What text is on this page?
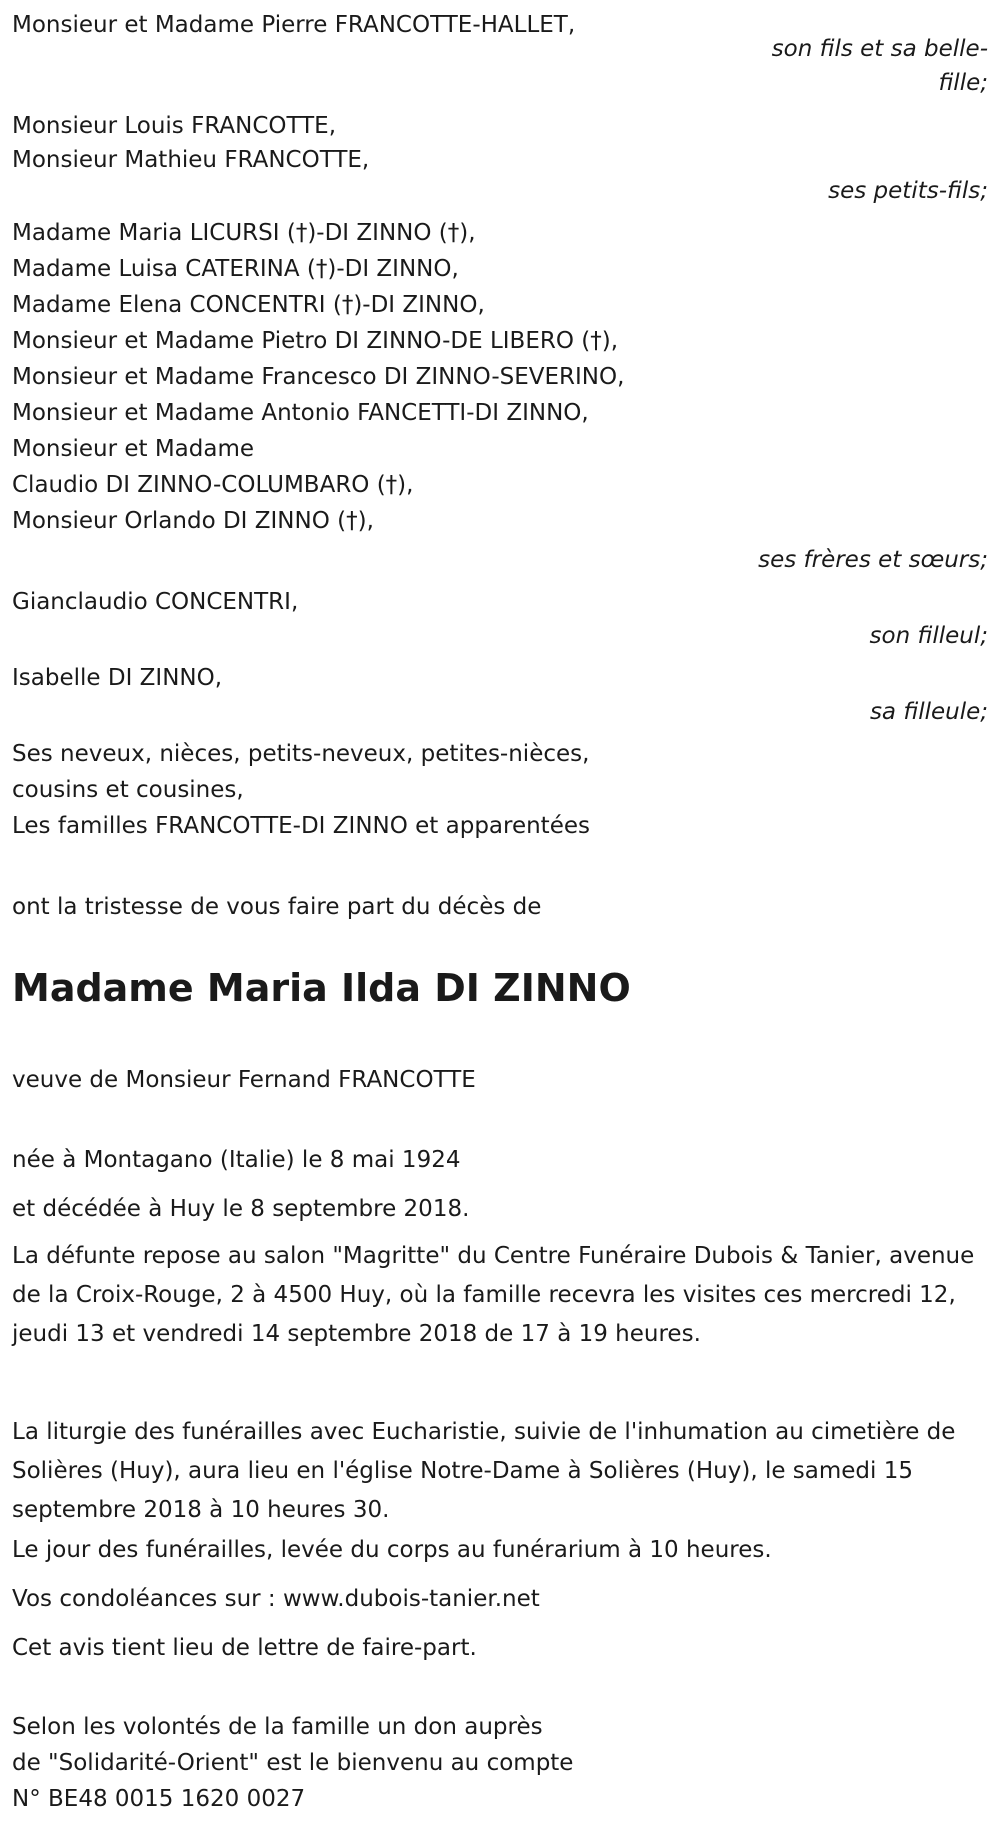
Monsieur et Madame Pierre FRANCOTTE-HALLET,
son fils et sa belle-
fille;
Monsieur Louis FRANCOTTE,
Monsieur Mathieu FRANCOTTE,
ses petits-fils;
Madame Maria LICURSI (†)-DI ZINNO (†),
Madame Luisa CATERINA (†)-DI ZINNO,
Madame Elena CONCENTRI (†)-DI ZINNO,
Monsieur et Madame Pietro DI ZINNO-DE LIBERO (†),
Monsieur et Madame Francesco DI ZINNO-SEVERINO,
Monsieur et Madame Antonio FANCETTI-DI ZINNO,
Monsieur et Madame
Claudio DI ZINNO-COLUMBARO (†),
Monsieur Orlando DI ZINNO (†),
ses frères et sœurs;
Gianclaudio CONCENTRI,
son filleul;
Isabelle DI ZINNO,
sa filleule;
Ses neveux, nièces, petits-neveux, petites-nièces,
cousins et cousines,
Les familles FRANCOTTE-DI ZINNO et apparentées
ont la tristesse de vous faire part du décès de
Madame Maria Ilda DI ZINNO
veuve de Monsieur Fernand FRANCOTTE
née à Montagano (Italie) le 8 mai 1924
et décédée à Huy le 8 septembre 2018.
La défunte repose au salon "Magritte" du Centre Funéraire Dubois & Tanier, avenue de la Croix-Rouge, 2 à 4500 Huy, où la famille recevra les visites ces mercredi 12, jeudi 13 et vendredi 14 septembre 2018 de 17 à 19 heures.
La liturgie des funérailles avec Eucharistie, suivie de l'inhumation au cimetière de Solières (Huy), aura lieu en l'église Notre-Dame à Solières (Huy), le samedi 15 septembre 2018 à 10 heures 30.
Le jour des funérailles, levée du corps au funérarium à 10 heures.
Vos condoléances sur : www.dubois-tanier.net
Cet avis tient lieu de lettre de faire-part.
Selon les volontés de la famille un don auprès
de "Solidarité-Orient" est le bienvenu au compte
N° BE48 0015 1620 0027
